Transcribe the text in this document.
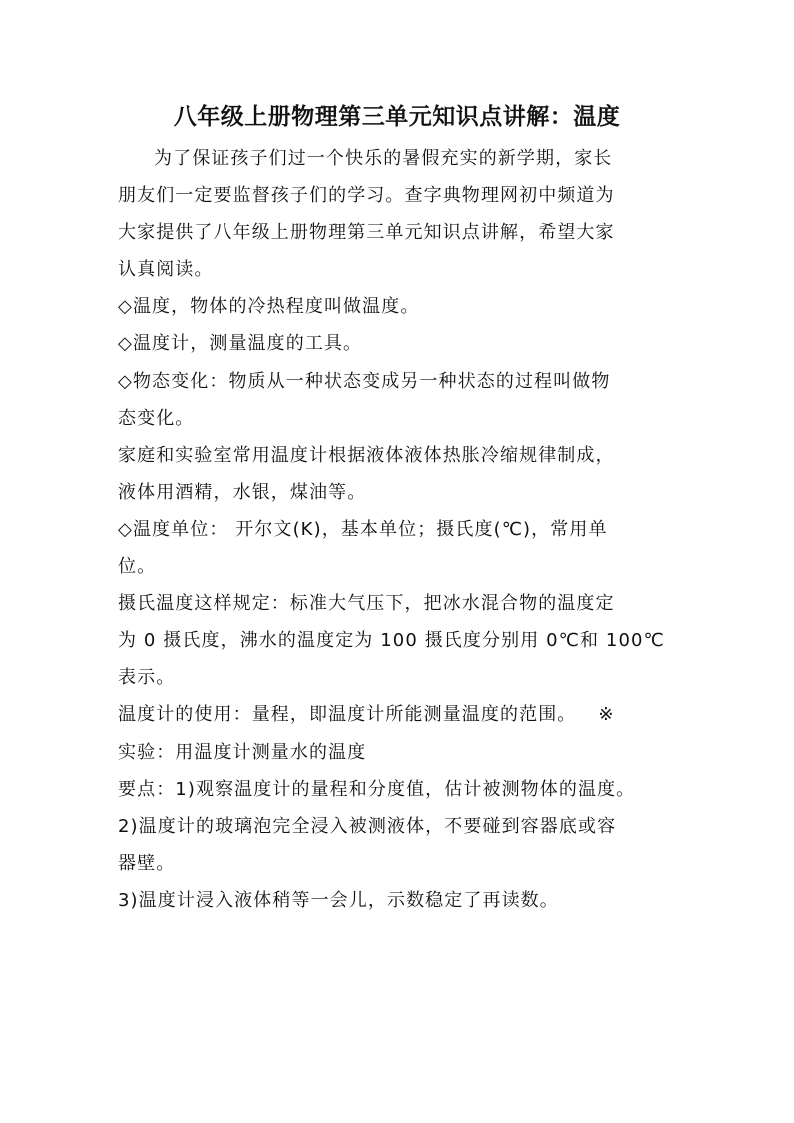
八年级上册物理第三单元知识点讲解：温度
为了保证孩子们过一个快乐的暑假充实的新学期，家长
朋友们一定要监督孩子们的学习。查字典物理网初中频道为
大家提供了八年级上册物理第三单元知识点讲解，希望大家
认真阅读。
◇温度，物体的冷热程度叫做温度。
◇温度计，测量温度的工具。
◇物态变化：物质从一种状态变成另一种状态的过程叫做物
态变化。
家庭和实验室常用温度计根据液体液体热胀冷缩规律制成，
液体用酒精，水银，煤油等。
◇温度单位： 开尔文(K)，基本单位；摄氏度(℃)，常用单
位。
摄氏温度这样规定：标准大气压下，把冰水混合物的温度定
为 0 摄氏度，沸水的温度定为 100 摄氏度分别用 0℃和 100℃
表示。
温度计的使用：量程，即温度计所能测量温度的范围。 ※
实验：用温度计测量水的温度
要点：1)观察温度计的量程和分度值，估计被测物体的温度。
2)温度计的玻璃泡完全浸入被测液体，不要碰到容器底或容
器壁。
3)温度计浸入液体稍等一会儿，示数稳定了再读数。
